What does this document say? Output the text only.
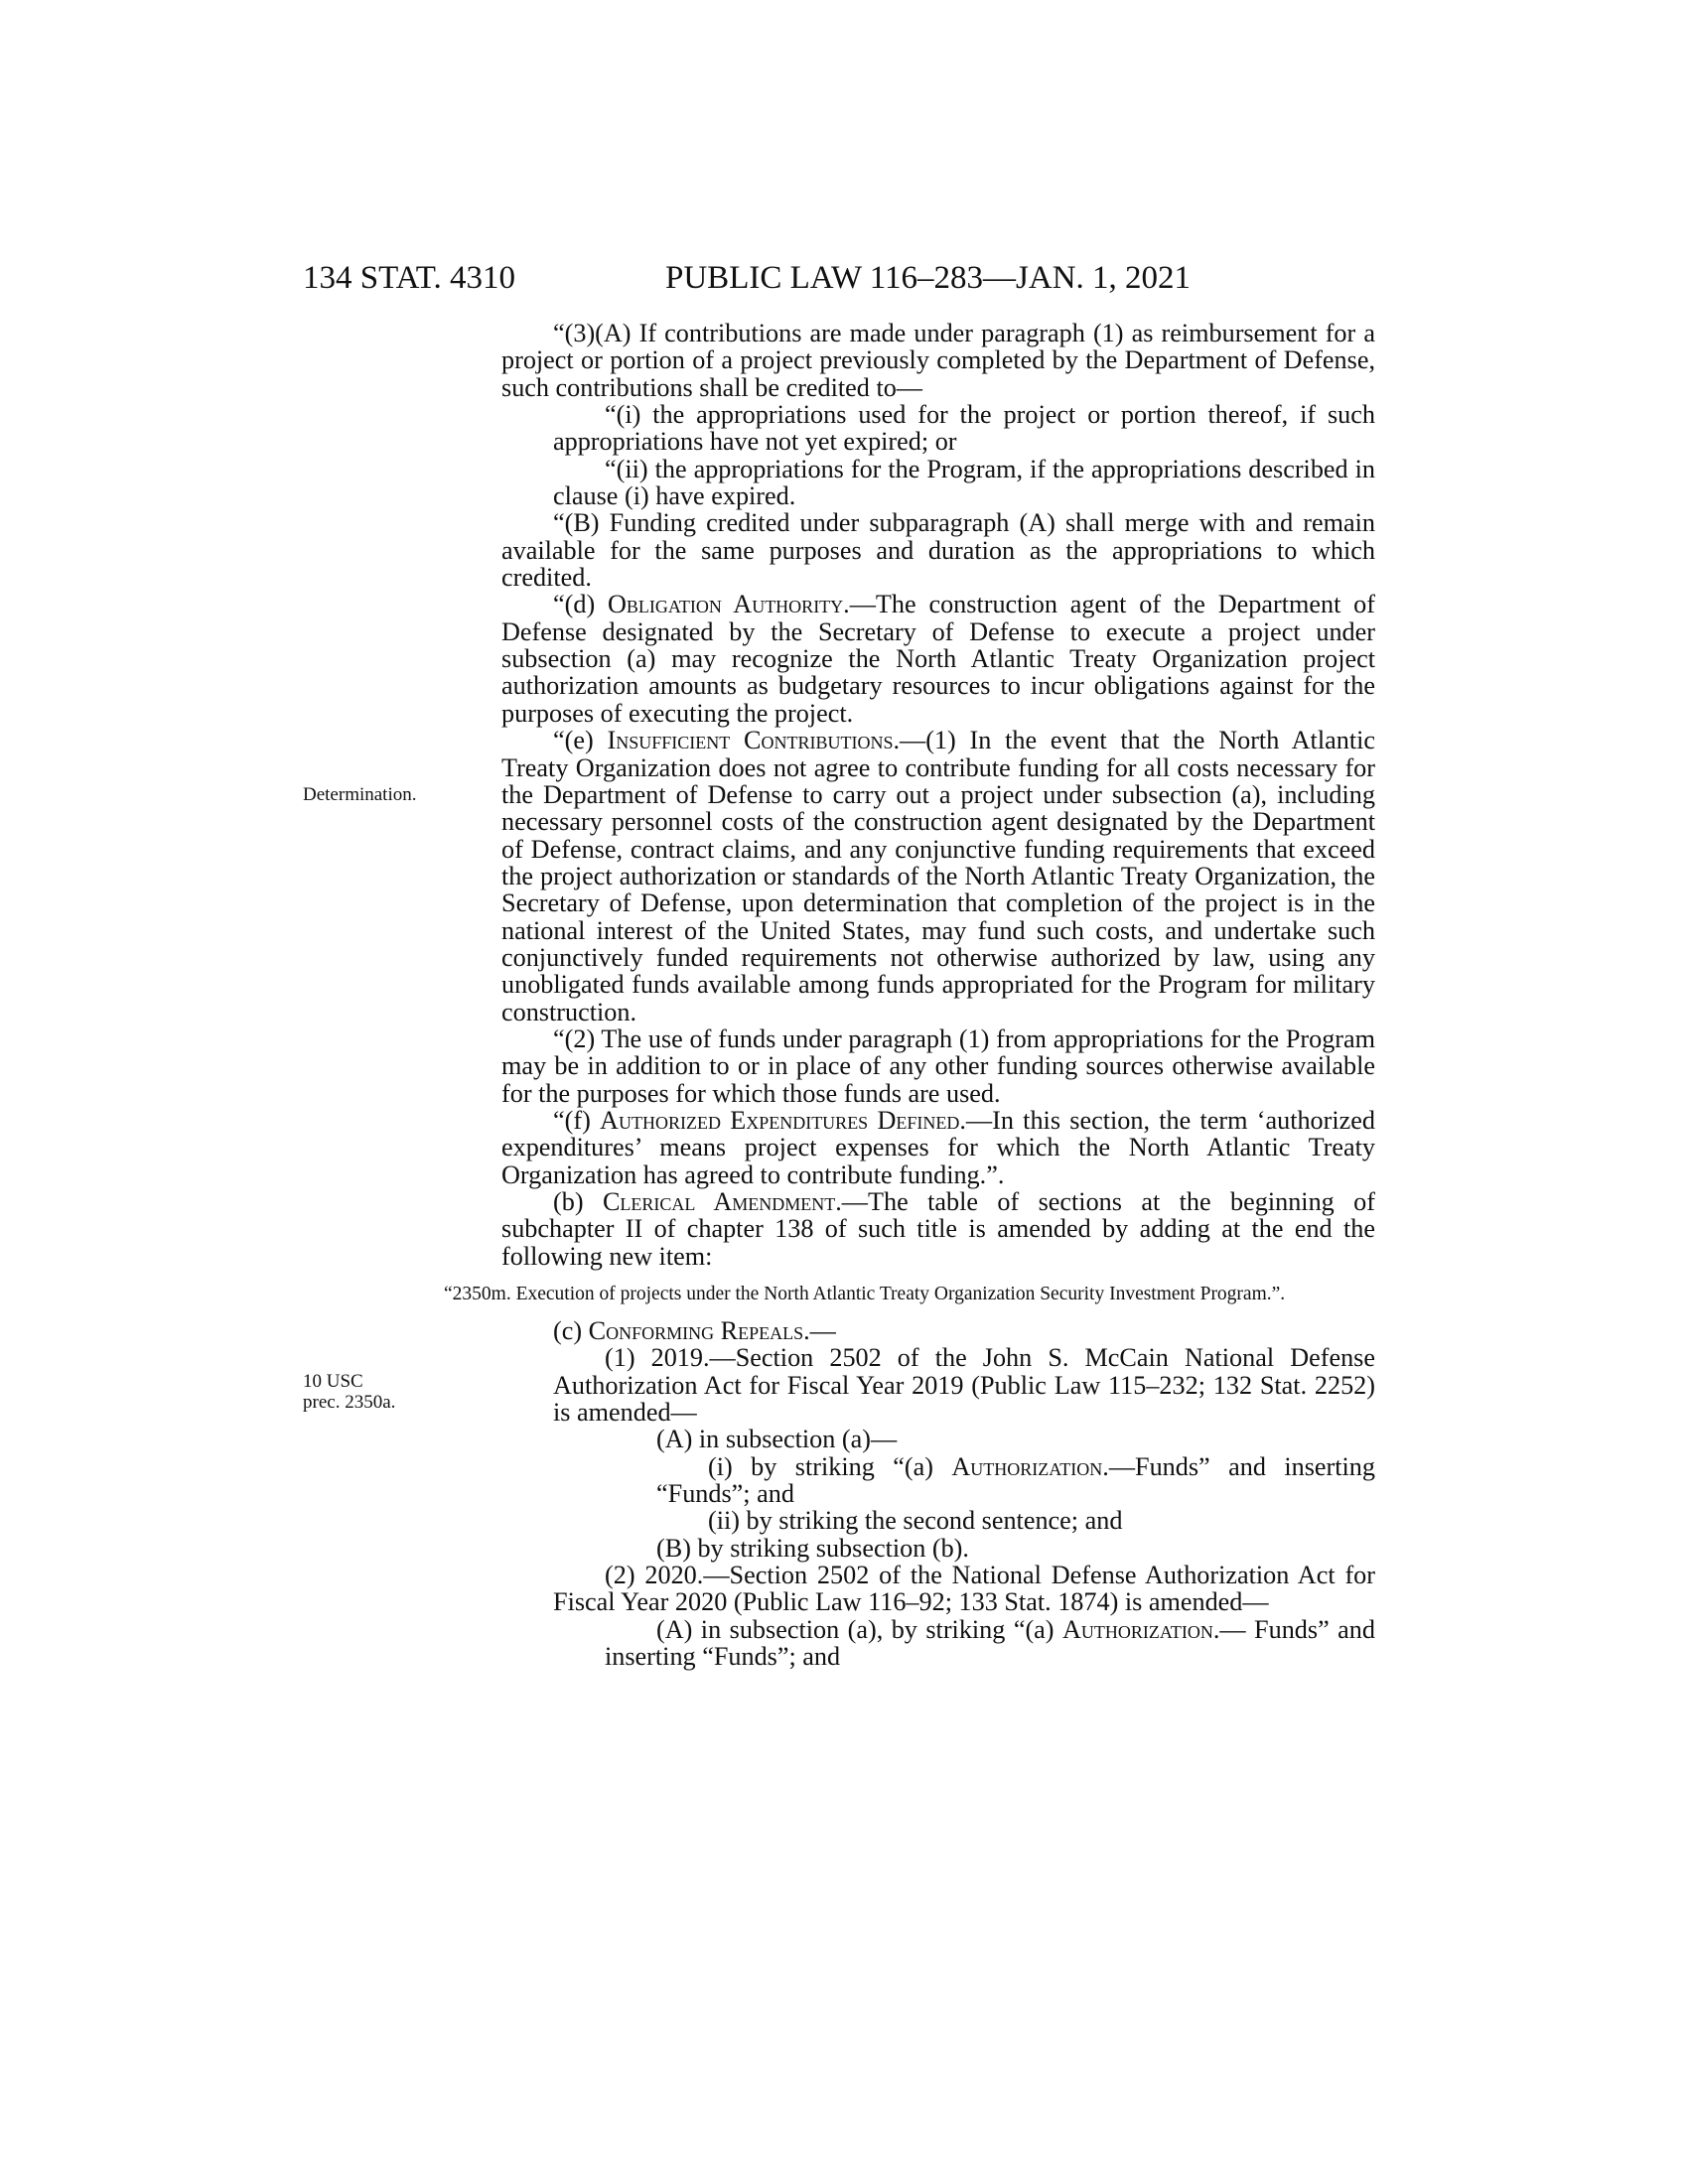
134 STAT. 4310	PUBLIC LAW 116–283—JAN. 1, 2021
Determination.
10 USC
prec. 2350a.

“(3)(A) If contributions are made under paragraph (1) as reimbursement for a project or portion of a project previously completed by the Department of Defense, such contributions shall be credited to—

“(i) the appropriations used for the project or portion thereof, if such appropriations have not yet expired; or

“(ii) the appropriations for the Program, if the appropriations described in clause (i) have expired.

“(B) Funding credited under subparagraph (A) shall merge with and remain available for the same purposes and duration as the appropriations to which credited.

“(d) Obligation Authority.—The construction agent of the Department of Defense designated by the Secretary of Defense to execute a project under subsection (a) may recognize the North Atlantic Treaty Organization project authorization amounts as budgetary resources to incur obligations against for the purposes of executing the project.

“(e) Insufficient Contributions.—(1) In the event that the North Atlantic Treaty Organization does not agree to contribute funding for all costs necessary for the Department of Defense to carry out a project under subsection (a), including necessary personnel costs of the construction agent designated by the Department of Defense, contract claims, and any conjunctive funding requirements that exceed the project authorization or standards of the North Atlantic Treaty Organization, the Secretary of Defense, upon determination that completion of the project is in the national interest of the United States, may fund such costs, and undertake such conjunctively funded requirements not otherwise authorized by law, using any unobligated funds available among funds appropriated for the Program for military construction.

“(2) The use of funds under paragraph (1) from appropriations for the Program may be in addition to or in place of any other funding sources otherwise available for the purposes for which those funds are used.

“(f) Authorized Expenditures Defined.—In this section, the term ‘authorized expenditures’ means project expenses for which the North Atlantic Treaty Organization has agreed to contribute funding.”.

(b) Clerical Amendment.—The table of sections at the beginning of subchapter II of chapter 138 of such title is amended by adding at the end the following new item:

“2350m. Execution of projects under the North Atlantic Treaty Organization Security Investment Program.”.

(c) Conforming Repeals.—

(1) 2019.—Section 2502 of the John S. McCain National Defense Authorization Act for Fiscal Year 2019 (Public Law 115–232; 132 Stat. 2252) is amended—

(A) in subsection (a)—

(i) by striking “(a) Authorization.—Funds” and inserting “Funds”; and

(ii) by striking the second sentence; and

(B) by striking subsection (b).

(2) 2020.—Section 2502 of the National Defense Authorization Act for Fiscal Year 2020 (Public Law 116–92; 133 Stat. 1874) is amended—

(A) in subsection (a), by striking “(a) Authorization.— Funds” and inserting “Funds”; and
